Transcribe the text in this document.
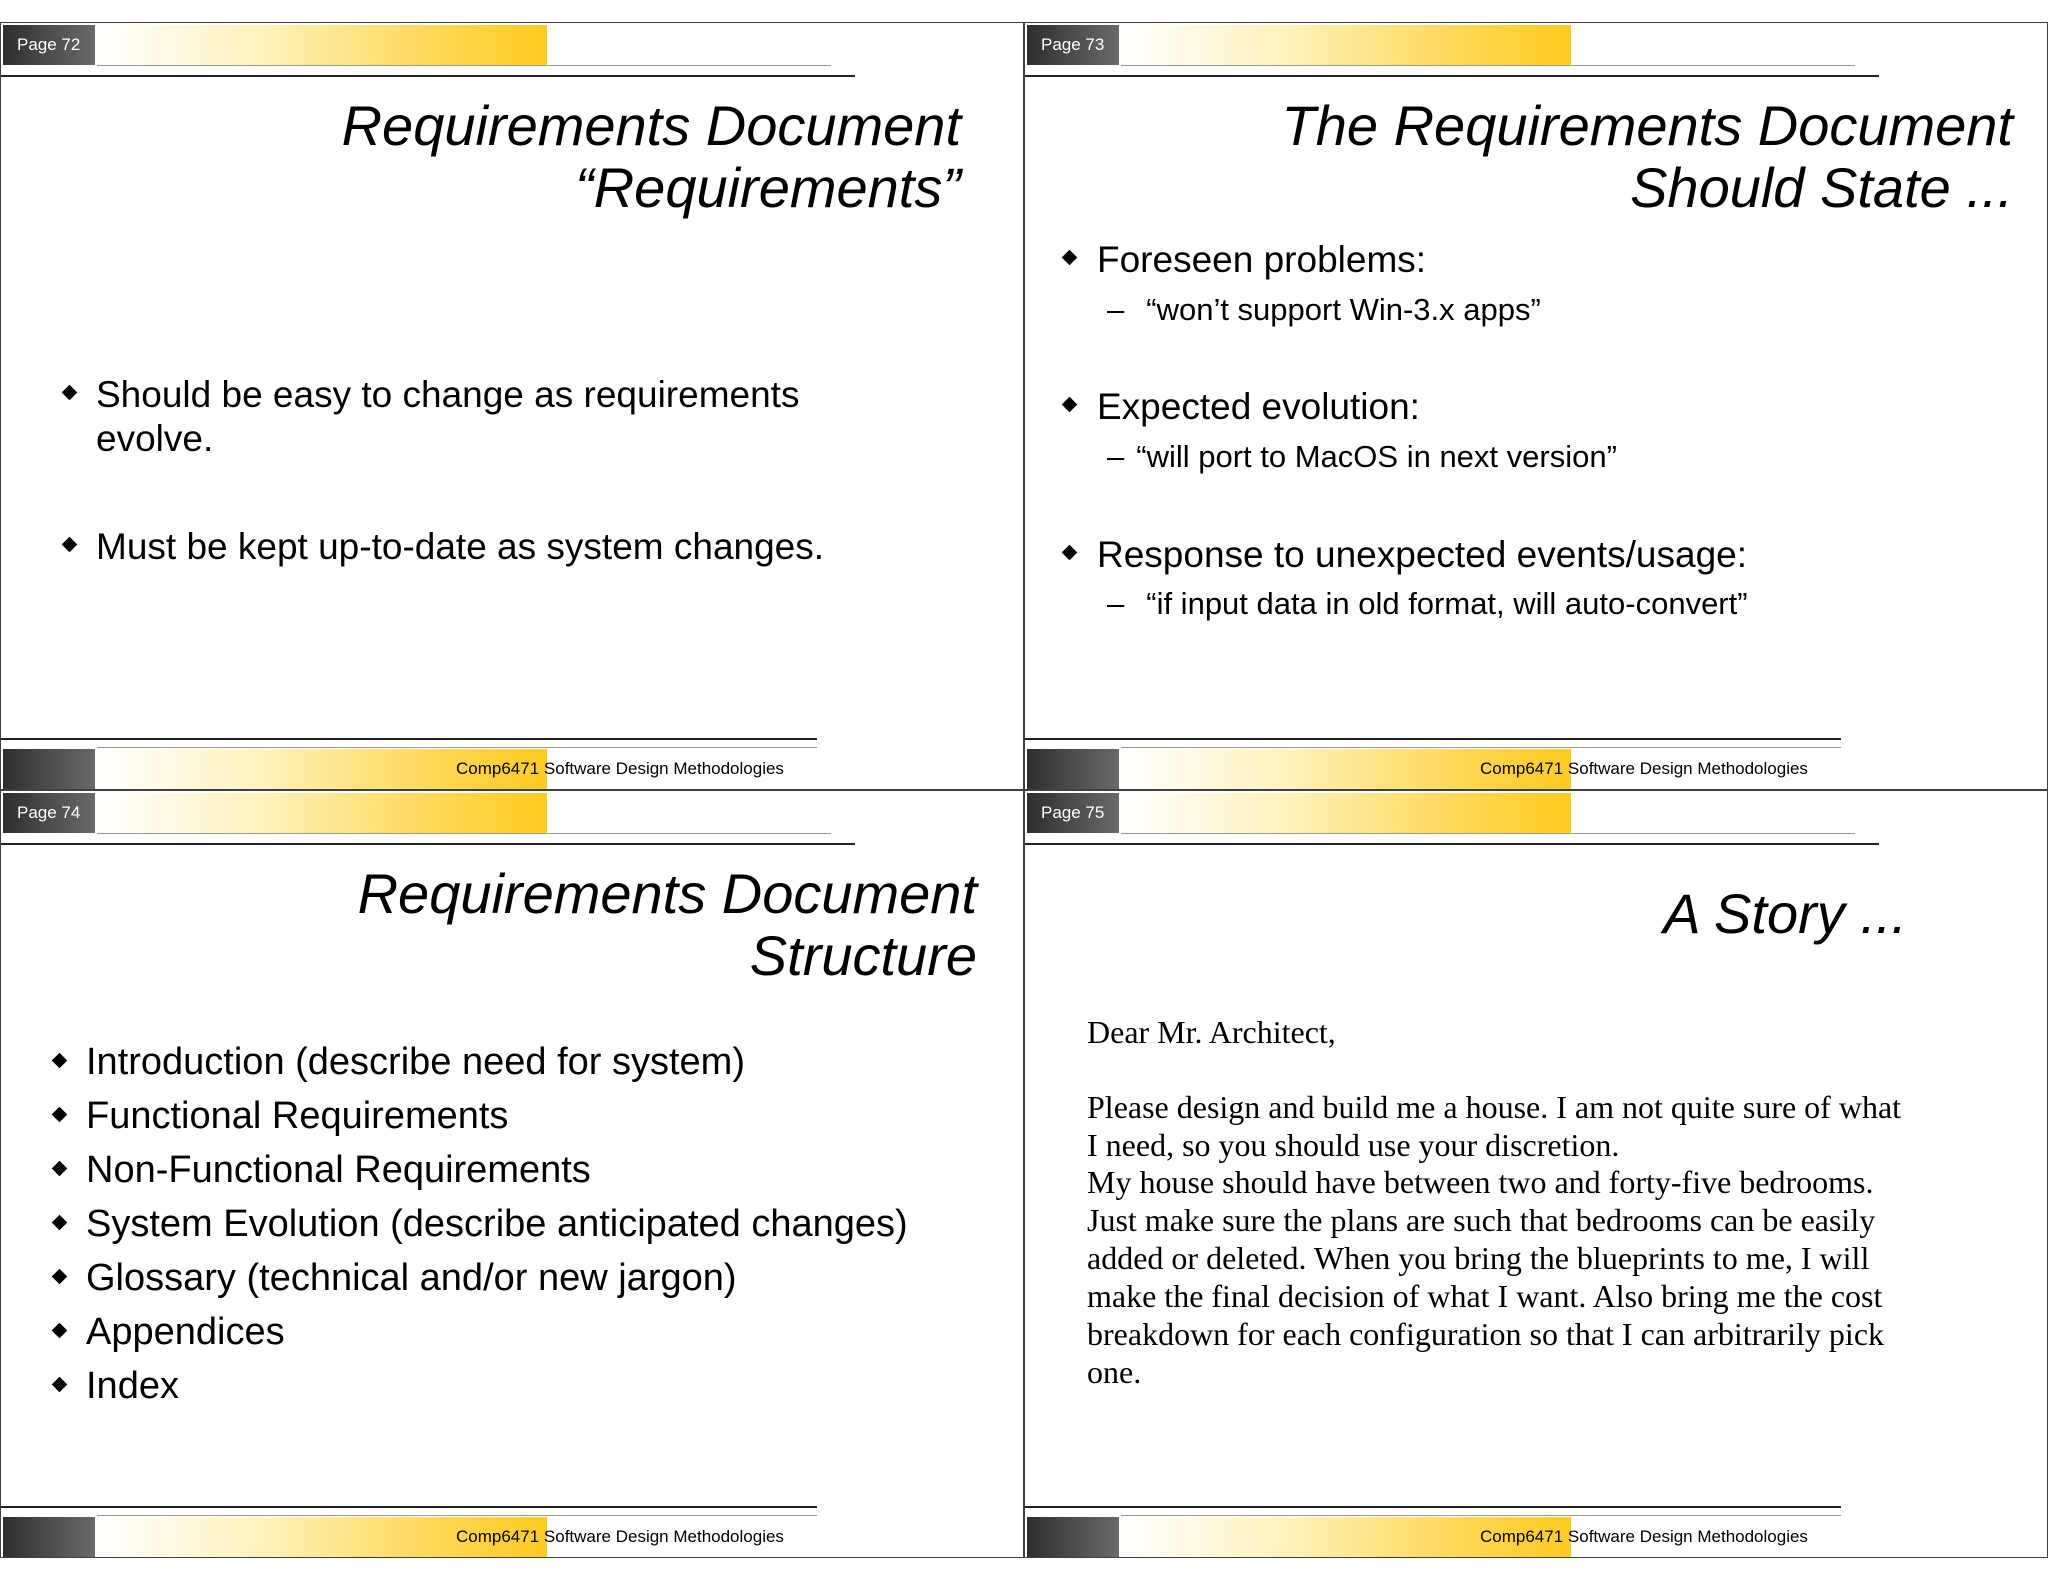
Page 72
Requirements Document
“Requirements”
Should be easy to change as requirements
evolve.
Must be kept up-to-date as system changes.
Comp6471 Software Design Methodologies
Page 73
The Requirements Document
Should State ...
Foreseen problems:
– “won’t support Win-3.x apps”
Expected evolution:
– “will port to MacOS in next version”
Response to unexpected events/usage:
– “if input data in old format, will auto-convert”
Comp6471 Software Design Methodologies
Page 74
Requirements Document
Structure
Introduction (describe need for system)
Functional Requirements
Non-Functional Requirements
System Evolution (describe anticipated changes)
Glossary (technical and/or new jargon)
Appendices
Index
Comp6471 Software Design Methodologies
Page 75
A Story ...
Dear Mr. Architect,
Please design and build me a house. I am not quite sure of what
I need, so you should use your discretion.
My house should have between two and forty-five bedrooms.
Just make sure the plans are such that bedrooms can be easily
added or deleted. When you bring the blueprints to me, I will
make the final decision of what I want. Also bring me the cost
breakdown for each configuration so that I can arbitrarily pick
one.
Comp6471 Software Design Methodologies
